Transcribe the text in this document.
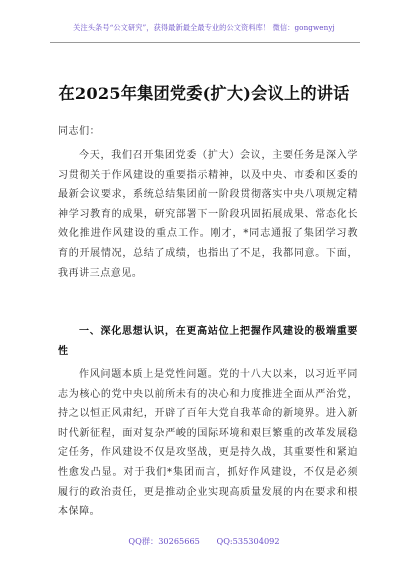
关注头条号“公文研究”，获得最新最全最专业的公文资料库！ 微信：gongwenyj
在2025年集团党委(扩大)会议上的讲话
同志们：
今天，我们召开集团党委（扩大）会议，主要任务是深入学习贯彻关于作风建设的重要指示精神，以及中央、市委和区委的最新会议要求，系统总结集团前一阶段贯彻落实中央八项规定精神学习教育的成果，研究部署下一阶段巩固拓展成果、常态化长效化推进作风建设的重点工作。刚才，*同志通报了集团学习教育的开展情况，总结了成绩，也指出了不足，我都同意。下面，我再讲三点意见。
一、深化思想认识，在更高站位上把握作风建设的极端重要性
作风问题本质上是党性问题。党的十八大以来，以习近平同志为核心的党中央以前所未有的决心和力度推进全面从严治党，持之以恒正风肃纪，开辟了百年大党自我革命的新境界。进入新时代新征程，面对复杂严峻的国际环境和艰巨繁重的改革发展稳定任务，作风建设不仅是攻坚战，更是持久战，其重要性和紧迫性愈发凸显。对于我们*集团而言，抓好作风建设，不仅是必须履行的政治责任，更是推动企业实现高质量发展的内在要求和根本保障。
QQ群：30265665 QQ:535304092
